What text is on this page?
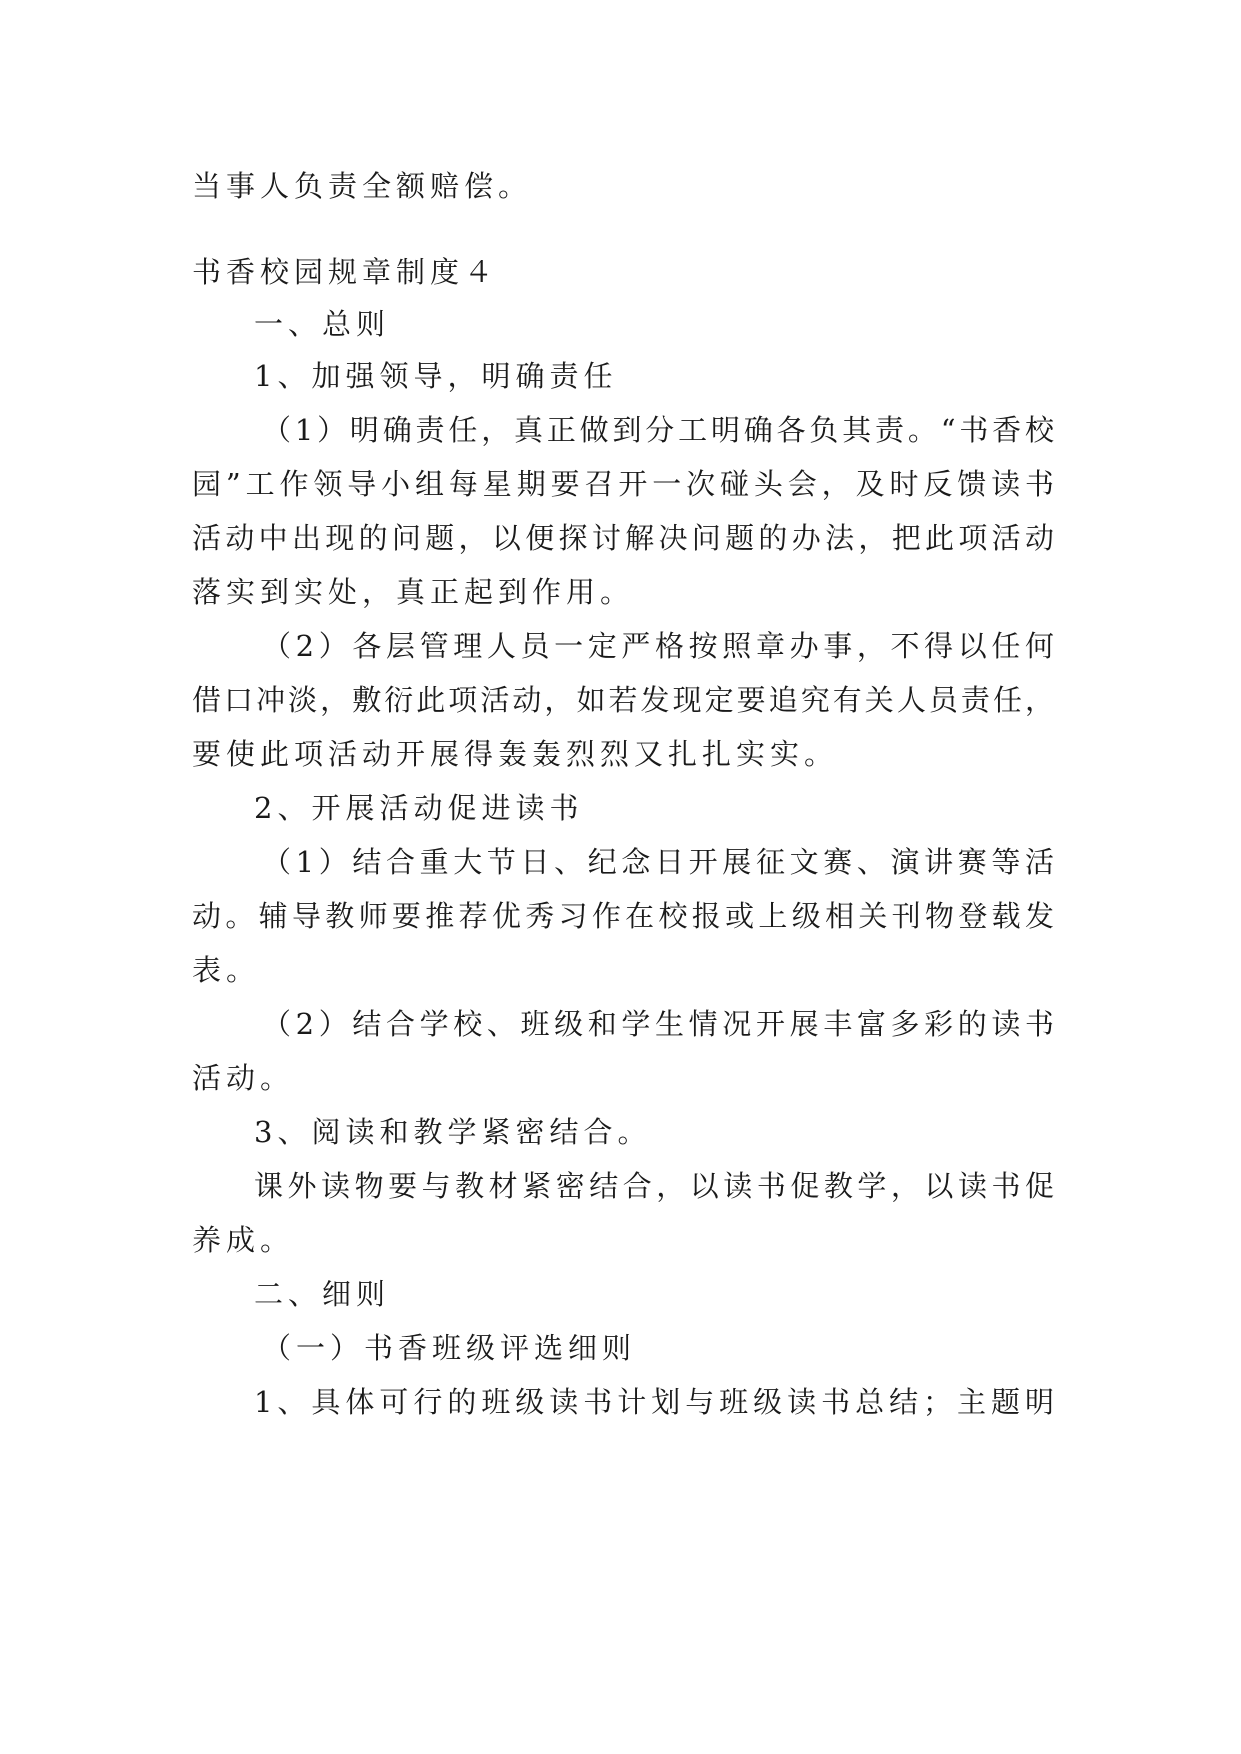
当事人负责全额赔偿。
书香校园规章制度４
一、总则
1、加强领导，明确责任
（1）明确责任，真正做到分工明确各负其责。“书香校
园”工作领导小组每星期要召开一次碰头会，及时反馈读书
活动中出现的问题，以便探讨解决问题的办法，把此项活动
落实到实处，真正起到作用。
（2）各层管理人员一定严格按照章办事，不得以任何
借口冲淡，敷衍此项活动，如若发现定要追究有关人员责任，
要使此项活动开展得轰轰烈烈又扎扎实实。
2、开展活动促进读书
（1）结合重大节日、纪念日开展征文赛、演讲赛等活
动。辅导教师要推荐优秀习作在校报或上级相关刊物登载发
表。
（2）结合学校、班级和学生情况开展丰富多彩的读书
活动。
3、阅读和教学紧密结合。
课外读物要与教材紧密结合，以读书促教学，以读书促
养成。
二、细则
（一）书香班级评选细则
1、具体可行的班级读书计划与班级读书总结；主题明
